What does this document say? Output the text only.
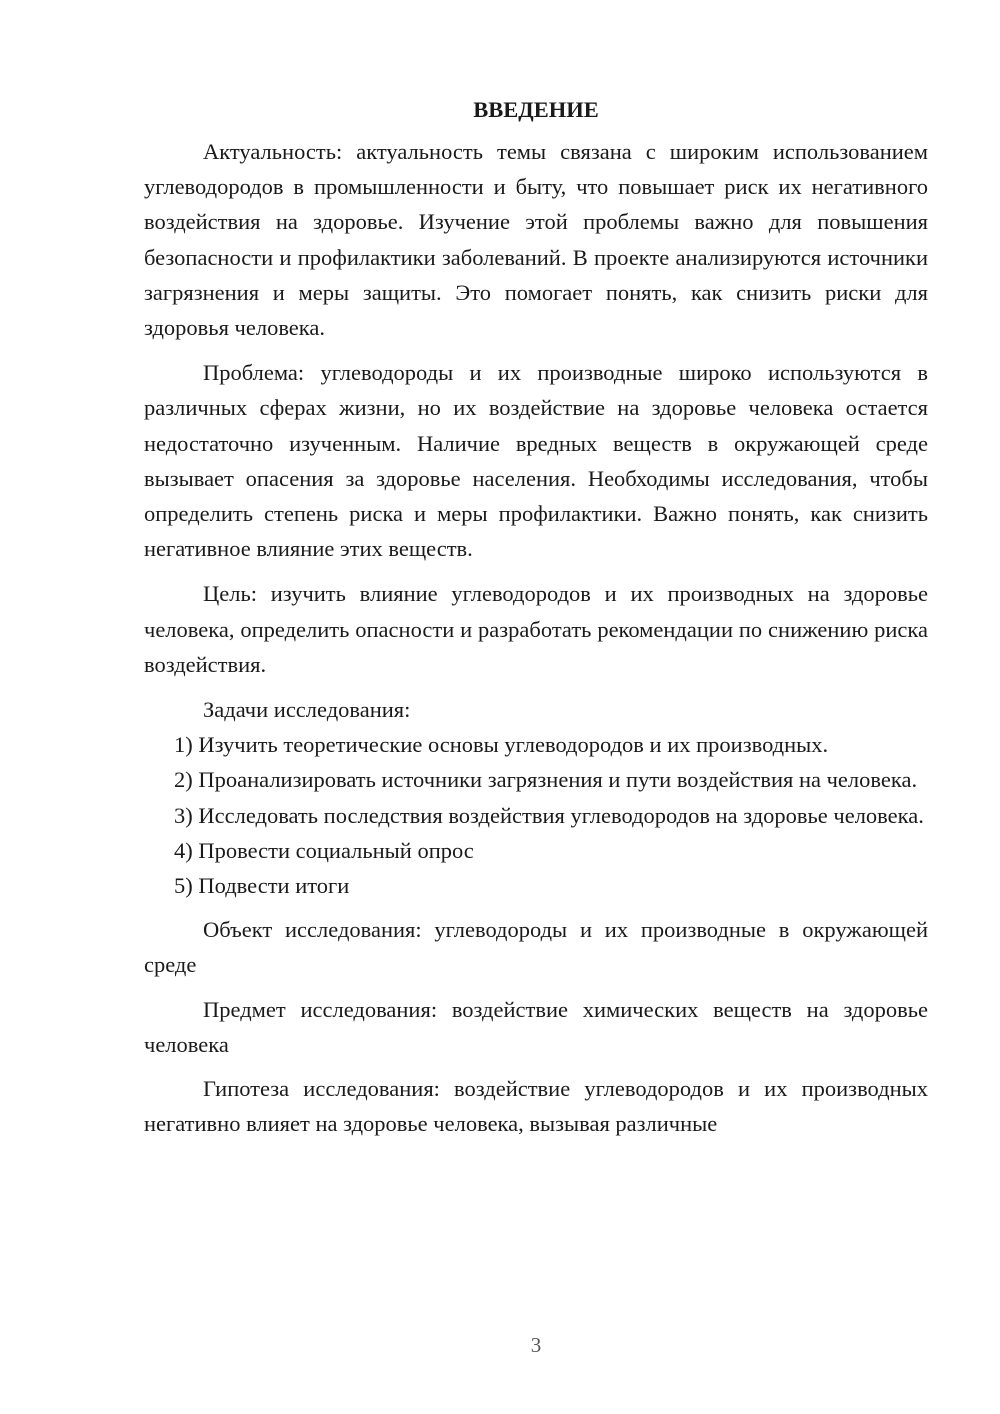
ВВЕДЕНИЕ

Актуальность: актуальность темы связана с широким использованием углеводородов в промышленности и быту, что повышает риск их негативного воздействия на здоровье. Изучение этой проблемы важно для повышения безопасности и профилактики заболеваний. В проекте анализируются источники загрязнения и меры защиты. Это помогает понять, как снизить риски для здоровья человека.

Проблема: углеводороды и их производные широко используются в различных сферах жизни, но их воздействие на здоровье человека остается недостаточно изученным. Наличие вредных веществ в окружающей среде вызывает опасения за здоровье населения. Необходимы исследования, чтобы определить степень риска и меры профилактики. Важно понять, как снизить негативное влияние этих веществ.

Цель: изучить влияние углеводородов и их производных на здоровье человека, определить опасности и разработать рекомендации по снижению риска воздействия.

Задачи исследования:

1) Изучить теоретические основы углеводородов и их производных.

2) Проанализировать источники загрязнения и пути воздействия на человека.

3) Исследовать последствия воздействия углеводородов на здоровье человека.

4) Провести социальный опрос

5) Подвести итоги

Объект исследования: углеводороды и их производные в окружающей среде

Предмет исследования: воздействие химических веществ на здоровье человека

Гипотеза исследования: воздействие углеводородов и их производных негативно влияет на здоровье человека, вызывая различные

3
